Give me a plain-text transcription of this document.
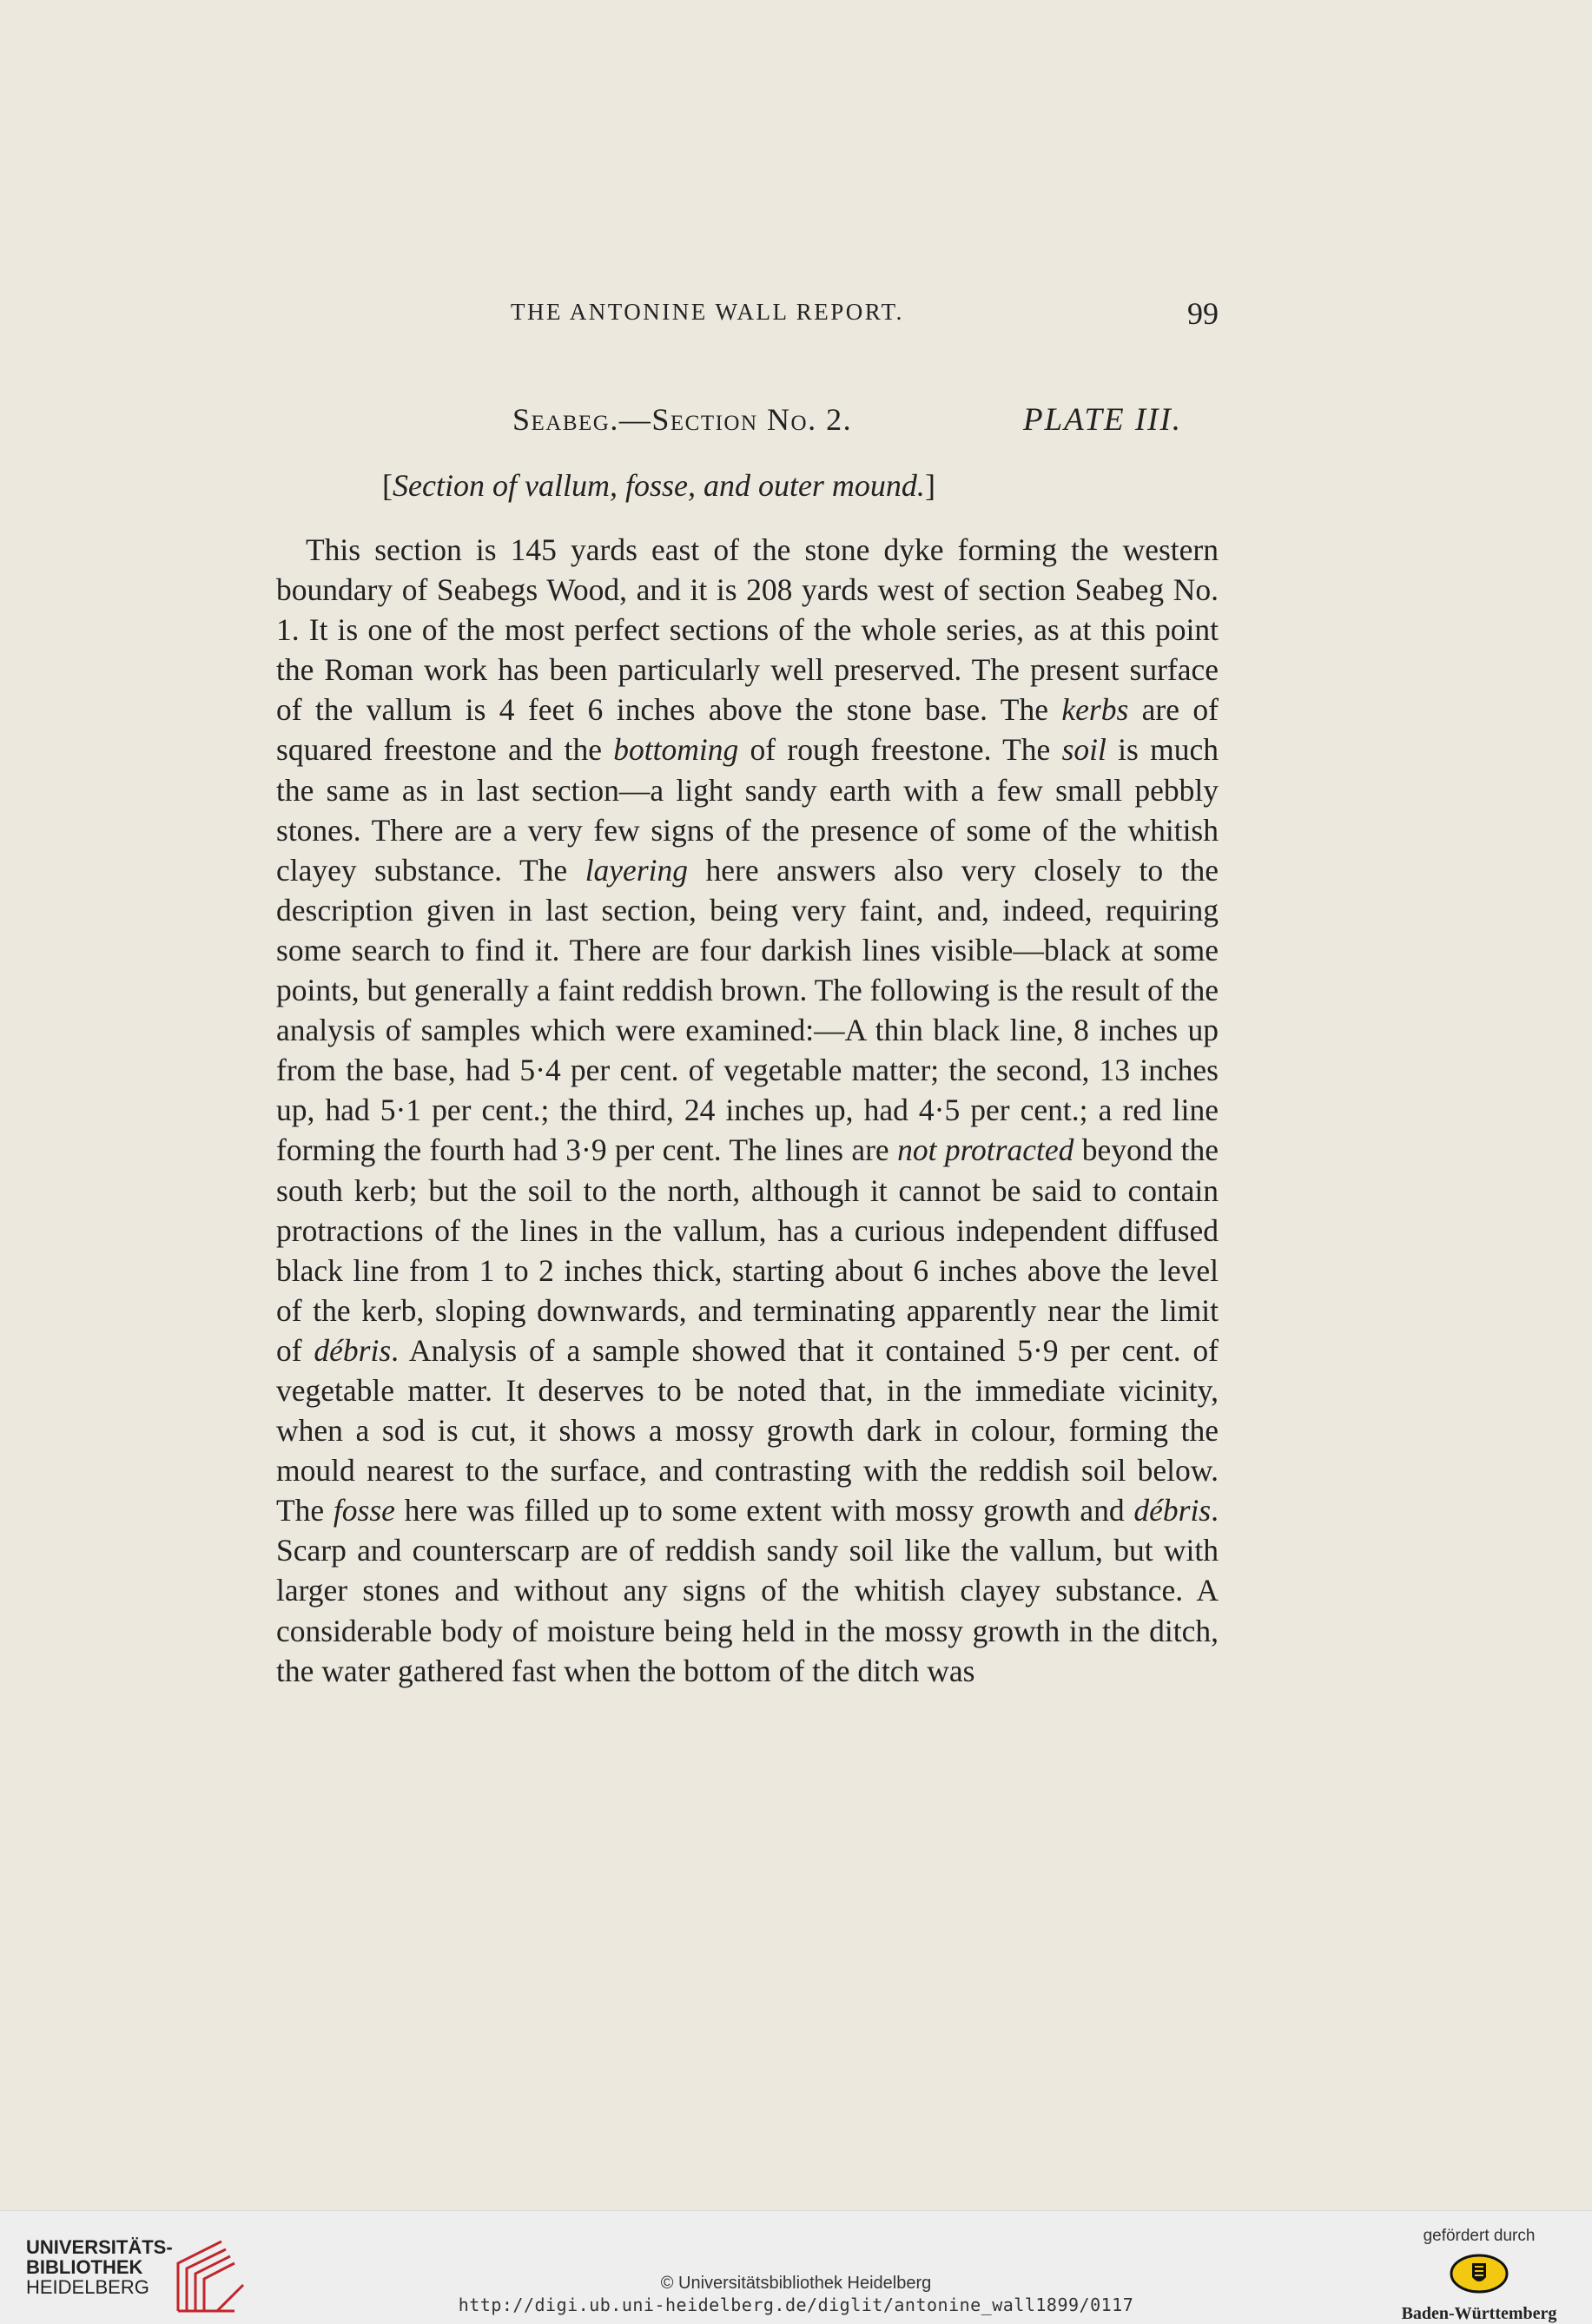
THE ANTONINE WALL REPORT.	99
Seabeg.—Section No. 2.	PLATE III.
[Section of vallum, fosse, and outer mound.]

This section is 145 yards east of the stone dyke forming the western boundary of Seabegs Wood, and it is 208 yards west of section Seabeg No. 1. It is one of the most perfect sections of the whole series, as at this point the Roman work has been particularly well preserved. The present surface of the vallum is 4 feet 6 inches above the stone base. The kerbs are of squared freestone and the bottoming of rough freestone. The soil is much the same as in last section—a light sandy earth with a few small pebbly stones. There are a very few signs of the presence of some of the whitish clayey substance. The layering here answers also very closely to the description given in last section, being very faint, and, indeed, requiring some search to find it. There are four darkish lines visible—black at some points, but generally a faint reddish brown. The following is the result of the analysis of samples which were examined:—A thin black line, 8 inches up from the base, had 5·4 per cent. of vegetable matter; the second, 13 inches up, had 5·1 per cent.; the third, 24 inches up, had 4·5 per cent.; a red line forming the fourth had 3·9 per cent. The lines are not protracted beyond the south kerb; but the soil to the north, although it cannot be said to contain protractions of the lines in the vallum, has a curious independent diffused black line from 1 to 2 inches thick, starting about 6 inches above the level of the kerb, sloping downwards, and terminating apparently near the limit of débris. Analysis of a sample showed that it contained 5·9 per cent. of vegetable matter. It deserves to be noted that, in the immediate vicinity, when a sod is cut, it shows a mossy growth dark in colour, forming the mould nearest to the surface, and contrasting with the reddish soil below. The fosse here was filled up to some extent with mossy growth and débris. Scarp and counterscarp are of reddish sandy soil like the vallum, but with larger stones and without any signs of the whitish clayey substance. A considerable body of moisture being held in the mossy growth in the ditch, the water gathered fast when the bottom of the ditch was

UNIVERSITÄTS-
BIBLIOTHEK
HEIDELBERG	© Universitätsbibliothek Heidelberg
http://digi.ub.uni-heidelberg.de/diglit/antonine_wall1899/0117
gefördert durch
Baden-Württemberg
